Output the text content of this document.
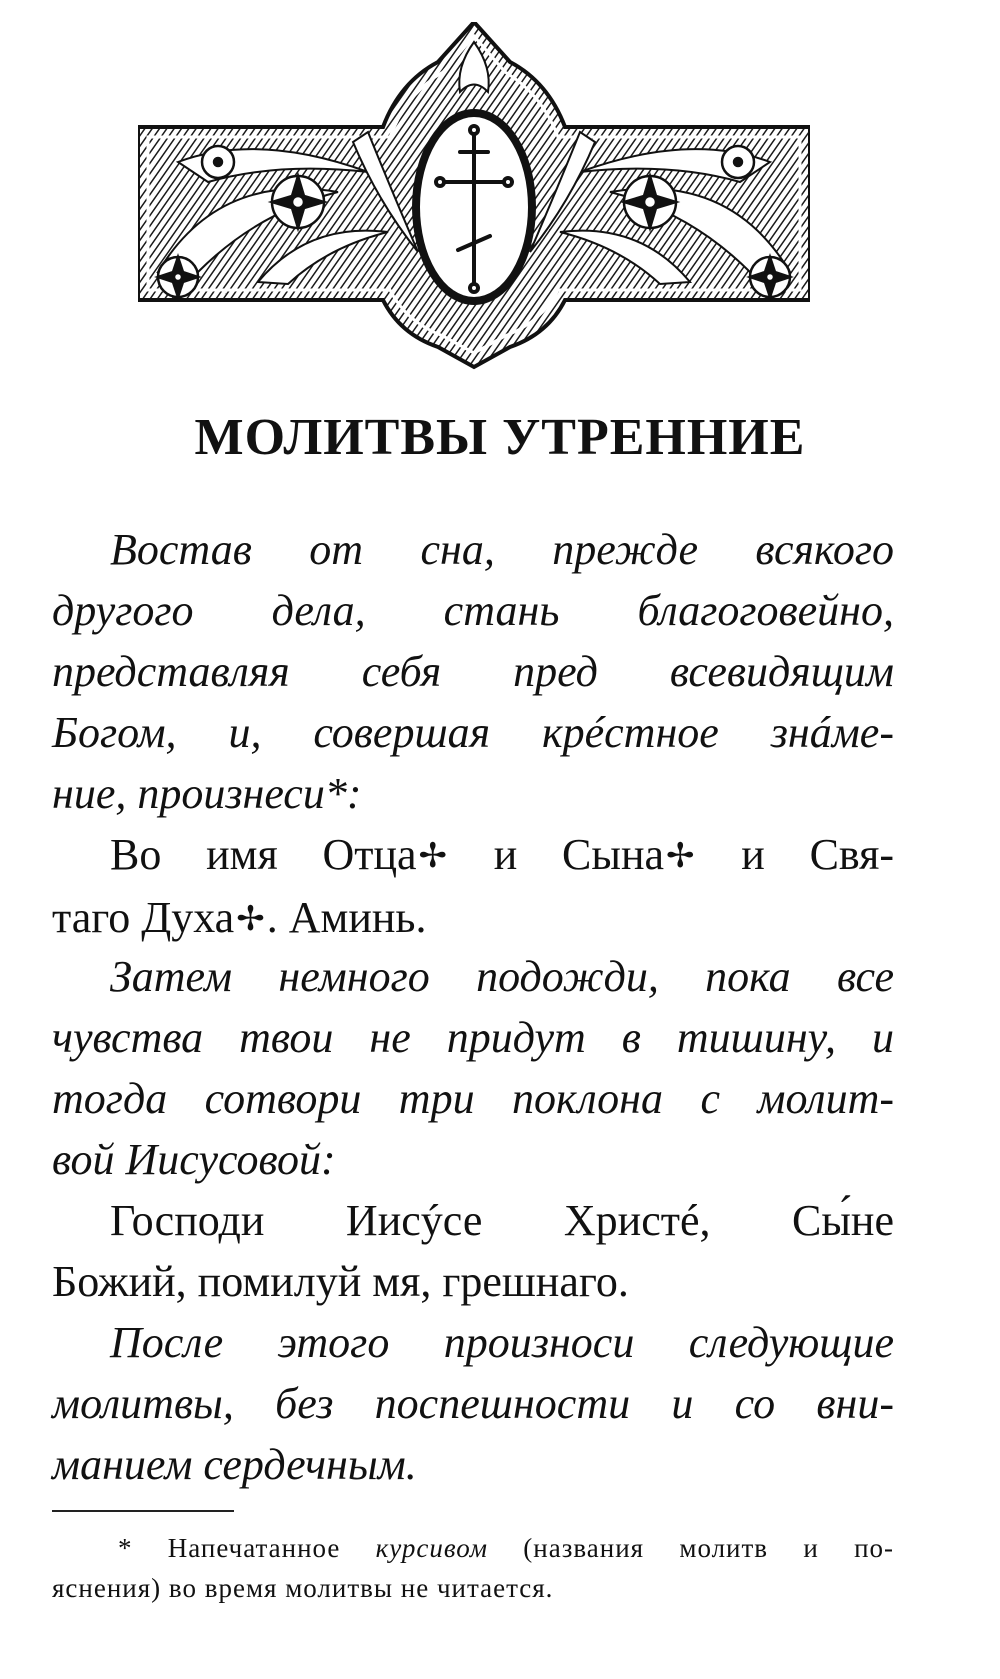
МОЛИТВЫ УТРЕННИЕ

Востав от сна, прежде всякого
другого дела, стань благоговейно,
представляя себя пред всевидящим
Богом, и, совершая крéстное знáме-
ние, произнеси*:

Во имя Отца✢ и Сына✢ и Свя-
таго Духа✢. Аминь.

Затем немного подожди, пока все
чувства твои не придут в тишину, и
тогда сотвори три поклона с молит-
вой Иисусовой:

Господи Иисýсе Христé, Сы́не
Божий, помилуй мя, грешнаго.

После этого произноси следующие
молитвы, без поспешности и со вни-
манием сердечным.

* Напечатанное курсивом (названия молитв и по-
яснения) во время молитвы не читается.
